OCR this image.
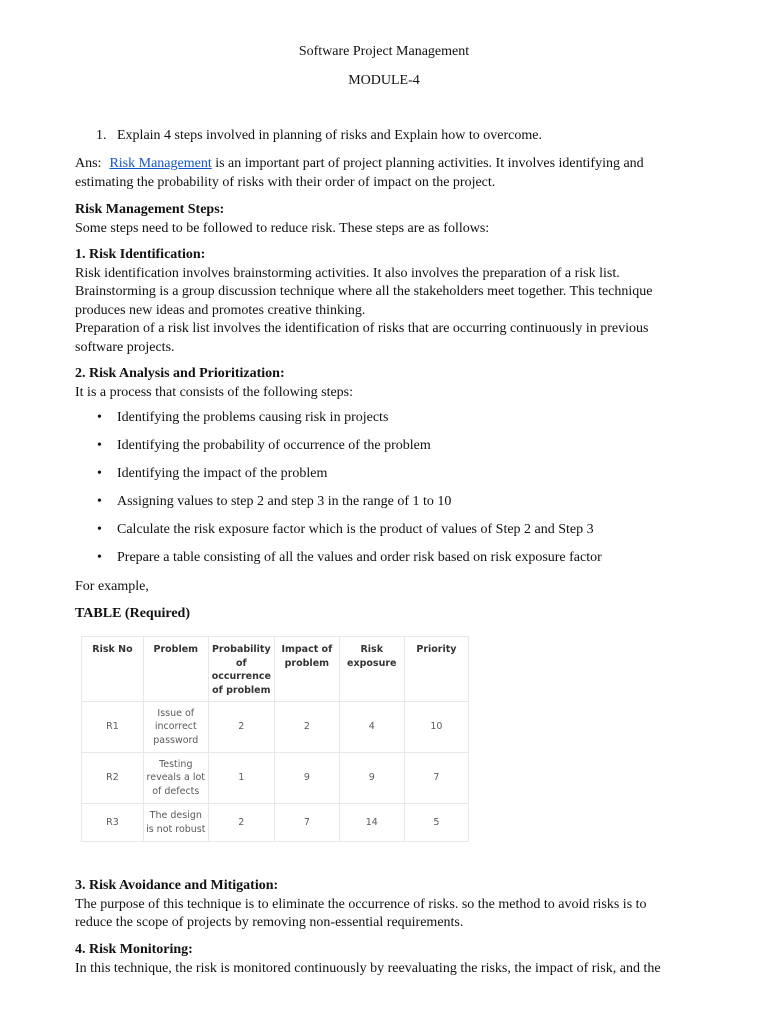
Software Project Management
MODULE-4
1. Explain 4 steps involved in planning of risks and Explain how to overcome.
Ans: Risk Management is an important part of project planning activities. It involves identifying and
estimating the probability of risks with their order of impact on the project.
Risk Management Steps:
Some steps need to be followed to reduce risk. These steps are as follows:
1. Risk Identification:
Risk identification involves brainstorming activities. It also involves the preparation of a risk list.
Brainstorming is a group discussion technique where all the stakeholders meet together. This technique
produces new ideas and promotes creative thinking.
Preparation of a risk list involves the identification of risks that are occurring continuously in previous
software projects.
2. Risk Analysis and Prioritization:
It is a process that consists of the following steps:
• Identifying the problems causing risk in projects
• Identifying the probability of occurrence of the problem
• Identifying the impact of the problem
• Assigning values to step 2 and step 3 in the range of 1 to 10
• Calculate the risk exposure factor which is the product of values of Step 2 and Step 3
• Prepare a table consisting of all the values and order risk based on risk exposure factor
For example,
TABLE (Required)
Risk No	Problem	Probability of occurrence of problem	Impact of problem	Risk exposure	Priority
R1	Issue of incorrect password	2	2	4	10
R2	Testing reveals a lot of defects	1	9	9	7
R3	The design is not robust	2	7	14	5
3. Risk Avoidance and Mitigation:
The purpose of this technique is to eliminate the occurrence of risks. so the method to avoid risks is to
reduce the scope of projects by removing non-essential requirements.
4. Risk Monitoring:
In this technique, the risk is monitored continuously by reevaluating the risks, the impact of risk, and the
